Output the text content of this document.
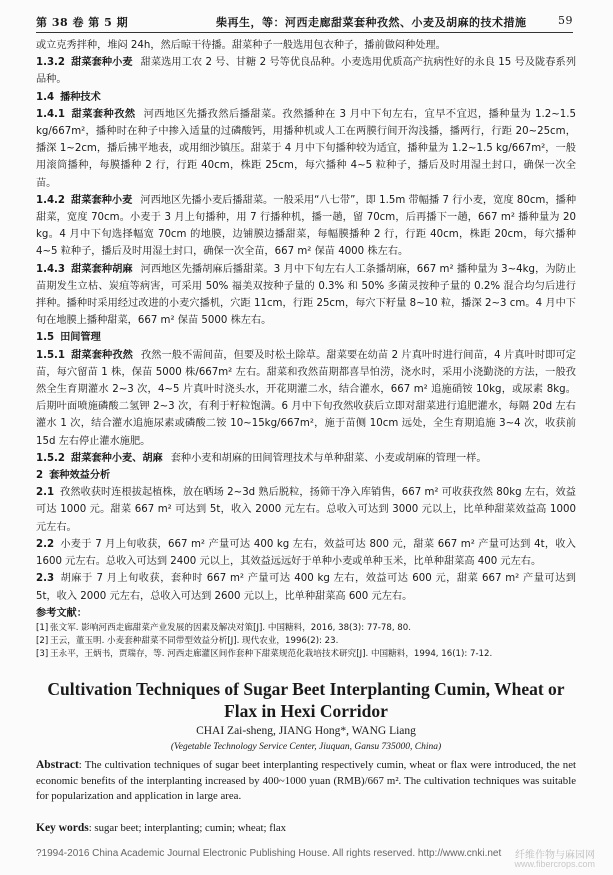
第 38 卷 第 5 期	柴再生，等：河西走廊甜菜套种孜然、小麦及胡麻的技术措施	59

或立克秀拌种，堆闷 24h，然后晾干待播。甜菜种子一般选用包衣种子，播前做闷种处理。

1.3.2 甜菜套种小麦 甜菜选用工农 2 号、甘糖 2 号等优良品种。小麦选用优质高产抗病性好的永良 15 号及陇春系列品种。

1.4 播种技术

1.4.1 甜菜套种孜然 河西地区先播孜然后播甜菜。孜然播种在 3 月中下旬左右，宜早不宜迟，播种量为 1.2~1.5 kg/667m²，播种时在种子中掺入适量的过磷酸钙，用播种机或人工在两膜行间开沟浅播，播两行，行距 20~25cm，播深 1~2cm，播后拂平地表，或用细沙镇压。甜菜于 4 月中下旬播种较为适宜，播种量为 1.2~1.5 kg/667m²，一般用滚筒播种，每膜播种 2 行，行距 40cm，株距 25cm，每穴播种 4~5 粒种子，播后及时用湿土封口，确保一次全苗。

1.4.2 甜菜套种小麦 河西地区先播小麦后播甜菜。一般采用“八七带”，即 1.5m 带幅播 7 行小麦，宽度 80cm，播种甜菜，宽度 70cm。小麦于 3 月上旬播种，用 7 行播种机，播一趟，留 70cm，后再播下一趟，667 m² 播种量为 20 kg。4 月中下旬选择幅宽 70cm 的地膜，边铺膜边播甜菜，每幅膜播种 2 行，行距 40cm，株距 20cm，每穴播种 4~5 粒种子，播后及时用湿土封口，确保一次全苗，667 m² 保苗 4000 株左右。

1.4.3 甜菜套种胡麻 河西地区先播胡麻后播甜菜。3 月中下旬左右人工条播胡麻，667 m² 播种量为 3~4kg，为防止苗期发生立枯、炭疽等病害，可采用 50% 福美双按种子量的 0.3% 和 50% 多菌灵按种子量的 0.2% 混合均匀后进行拌种。播种时采用经过改进的小麦穴播机，穴距 11cm，行距 25cm，每穴下籽量 8~10 粒，播深 2~3 cm。4 月中下旬在地膜上播种甜菜，667 m² 保苗 5000 株左右。

1.5 田间管理

1.5.1 甜菜套种孜然 孜然一般不需间苗，但要及时松土除草。甜菜要在幼苗 2 片真叶时进行间苗，4 片真叶时即可定苗，每穴留苗 1 株，保苗 5000 株/667m² 左右。甜菜和孜然苗期都喜旱怕涝，浇水时，采用小浇勤浇的方法，一般孜然全生育期灌水 2~3 次，4~5 片真叶时浇头水，开花期灌二水，结合灌水，667 m² 追施硝铵 10kg，或尿素 8kg。后期叶面喷施磷酸二氢钾 2~3 次，有利于籽粒饱满。6 月中下旬孜然收获后立即对甜菜进行追肥灌水，每隔 20d 左右灌水 1 次，结合灌水追施尿素或磷酸二铵 10~15kg/667m²，施于苗侧 10cm 远处，全生育期追施 3~4 次，收获前 15d 左右停止灌水施肥。

1.5.2 甜菜套种小麦、胡麻 套种小麦和胡麻的田间管理技术与单种甜菜、小麦或胡麻的管理一样。

2 套种效益分析

2.1 孜然收获时连根拔起植株，放在晒场 2~3d 熟后脱粒，扬筛干净入库销售，667 m² 可收获孜然 80kg 左右，效益可达 1000 元。甜菜 667 m² 可达到 5t，收入 2000 元左右。总收入可达到 3000 元以上，比单种甜菜效益高 1000 元左右。

2.2 小麦于 7 月上旬收获，667 m² 产量可达 400 kg 左右，效益可达 800 元，甜菜 667 m² 产量可达到 4t，收入 1600 元左右。总收入可达到 2400 元以上，其效益远远好于单种小麦或单种玉米，比单种甜菜高 400 元左右。

2.3 胡麻于 7 月上旬收获，套种时 667 m² 产量可达 400 kg 左右，效益可达 600 元，甜菜 667 m² 产量可达到 5t，收入 2000 元左右，总收入可达到 2600 元以上，比单种甜菜高 600 元左右。

参考文献：

[1] 张文军. 影响河西走廊甜菜产业发展的因素及解决对策[J]. 中国糖料，2016, 38(3): 77-78, 80.

[2] 王云，董玉明. 小麦套种甜菜不同带型效益分析[J]. 现代农业，1996(2): 23.

[3] 王永平，王炳书，贾瑞存，等. 河西走廊灌区间作套种下甜菜规范化栽培技术研究[J]. 中国糖料，1994, 16(1): 7-12.

Cultivation Techniques of Sugar Beet Interplanting Cumin, Wheat or Flax in Hexi Corridor
CHAI Zai-sheng, JIANG Hong*, WANG Liang
(Vegetable Technology Service Center, Jiuquan, Gansu 735000, China)
Abstract: The cultivation techniques of sugar beet interplanting respectively cumin, wheat or flax were introduced, the net economic benefits of the interplanting increased by 400~1000 yuan (RMB)/667 m². The cultivation techniques was suitable for popularization and application in large area.
Key words: sugar beet; interplanting; cumin; wheat; flax
?1994-2016 China Academic Journal Electronic Publishing House. All rights reserved. http://www.cnki.net 纤维作物与麻园网
www.fibercrops.com
